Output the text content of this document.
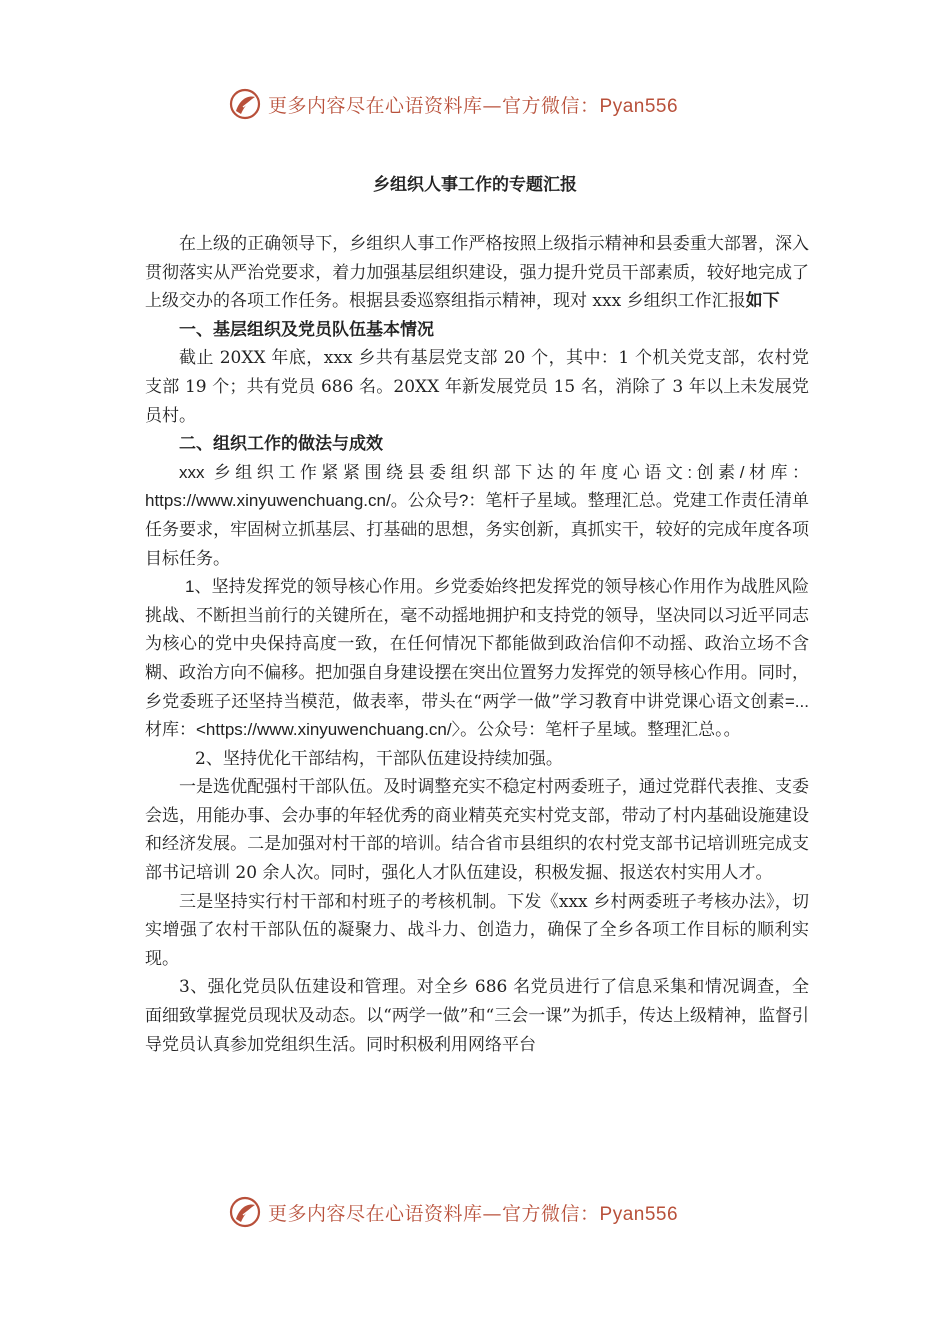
更多内容尽在心语资料库—官方微信：Pyan556
乡组织人事工作的专题汇报

在上级的正确领导下，乡组织人事工作严格按照上级指示精神和县委重大部署，深入贯彻落实从严治党要求，着力加强基层组织建设，强力提升党员干部素质，较好地完成了上级交办的各项工作任务。根据县委巡察组指示精神，现对 xxx 乡组织工作汇报如下

一、基层组织及党员队伍基本情况

截止 20XX 年底，xxx 乡共有基层党支部 20 个，其中：1 个机关党支部，农村党支部 19 个；共有党员 686 名。20XX 年新发展党员 15 名，消除了 3 年以上未发展党员村。

二、组织工作的做法与成效

xxx 乡组织工作紧紧围绕县委组织部下达的年度心语文:创素/材库：https://www.xinyuwenchuang.cn/。公众号?：笔杆子星域。整理汇总。党建工作责任清单任务要求，牢固树立抓基层、打基础的思想，务实创新，真抓实干，较好的完成年度各项目标任务。

1、坚持发挥党的领导核心作用。乡党委始终把发挥党的领导核心作用作为战胜风险挑战、不断担当前行的关键所在，毫不动摇地拥护和支持党的领导，坚决同以习近平同志为核心的党中央保持高度一致，在任何情况下都能做到政治信仰不动摇、政治立场不含糊、政治方向不偏移。把加强自身建设摆在突出位置努力发挥党的领导核心作用。同时，乡党委班子还坚持当模范，做表率，带头在“两学一做”学习教育中讲党课心语文创素=...材库：<https://www.xinyuwenchuang.cn/〉。公众号：笔杆子星域。整理汇总。。

2、坚持优化干部结构，干部队伍建设持续加强。

一是选优配强村干部队伍。及时调整充实不稳定村两委班子，通过党群代表推、支委会选，用能办事、会办事的年轻优秀的商业精英充实村党支部，带动了村内基础设施建设和经济发展。二是加强对村干部的培训。结合省市县组织的农村党支部书记培训班完成支部书记培训 20 余人次。同时，强化人才队伍建设，积极发掘、报送农村实用人才。

三是坚持实行村干部和村班子的考核机制。下发《xxx 乡村两委班子考核办法》，切实增强了农村干部队伍的凝聚力、战斗力、创造力，确保了全乡各项工作目标的顺利实现。

3、强化党员队伍建设和管理。对全乡 686 名党员进行了信息采集和情况调查，全面细致掌握党员现状及动态。以“两学一做”和“三会一课”为抓手，传达上级精神，监督引导党员认真参加党组织生活。同时积极利用网络平台

更多内容尽在心语资料库—官方微信：Pyan556
